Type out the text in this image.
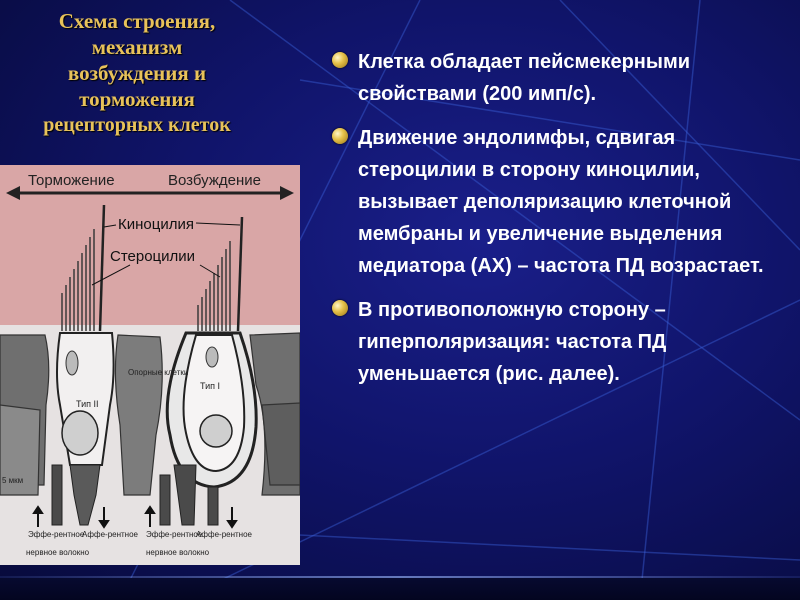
Схема строения,
механизм
возбуждения и
торможения
рецепторных клеток
Торможение	Возбуждение
Киноцилия
Стероцилии
Опорные клетки
Тип II
Тип I
5 мкм
Эффе-рентное
Аффе-рентное Эффе-рентное
Аффе-рентное
нервное волокно	нервное волокно
Клетка обладает пейсмекерными свойствами (200 имп/с).
Движение эндолимфы, сдвигая стероцилии в сторону киноцилии, вызывает деполяризацию клеточной мембраны и увеличение выделения медиатора (АХ) – частота ПД возрастает.
В противоположную сторону – гиперполяризация: частота ПД уменьшается (рис. далее).
